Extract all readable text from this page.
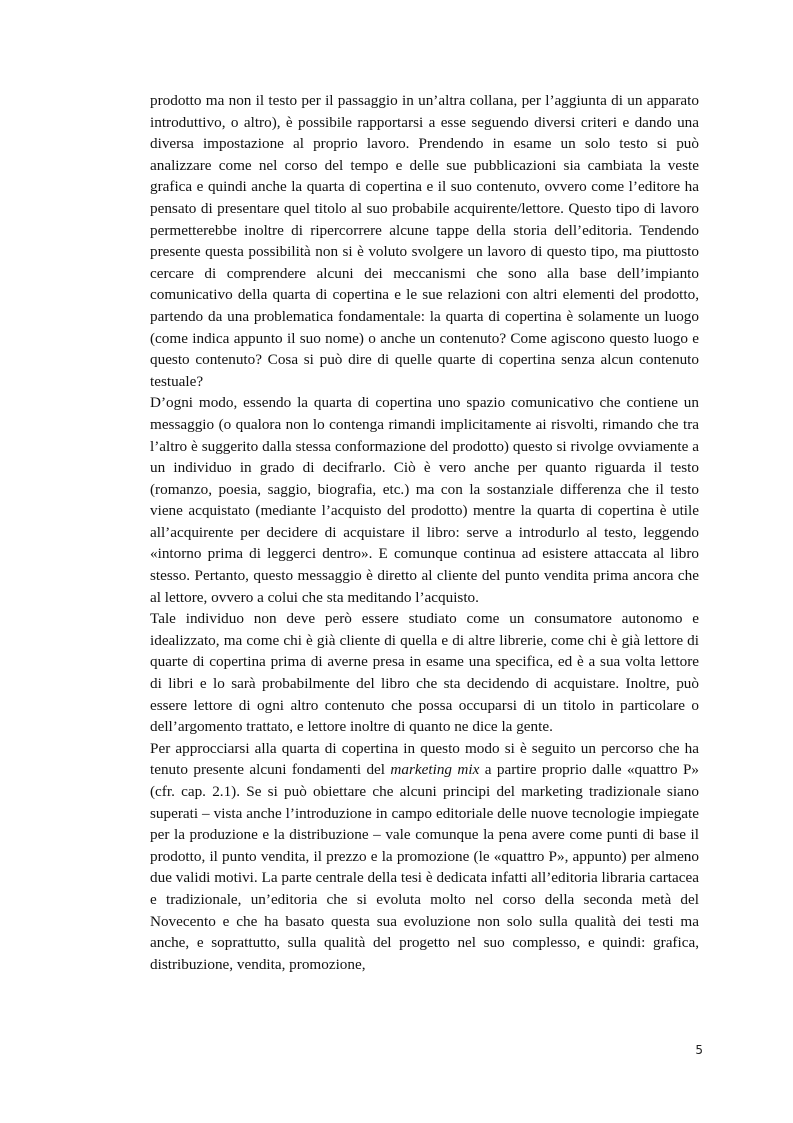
prodotto ma non il testo per il passaggio in un’altra collana, per l’aggiunta di un apparato introduttivo, o altro), è possibile rapportarsi a esse seguendo diversi criteri e dando una diversa impostazione al proprio lavoro. Prendendo in esame un solo testo si può analizzare come nel corso del tempo e delle sue pubblicazioni sia cambiata la veste grafica e quindi anche la quarta di copertina e il suo contenuto, ovvero come l’editore ha pensato di presentare quel titolo al suo probabile acquirente/lettore. Questo tipo di lavoro permetterebbe inoltre di ripercorrere alcune tappe della storia dell’editoria. Tendendo presente questa possibilità non si è voluto svolgere un lavoro di questo tipo, ma piuttosto cercare di comprendere alcuni dei meccanismi che sono alla base dell’impianto comunicativo della quarta di copertina e le sue relazioni con altri elementi del prodotto, partendo da una problematica fondamentale: la quarta di copertina è solamente un luogo (come indica appunto il suo nome) o anche un contenuto? Come agiscono questo luogo e questo contenuto? Cosa si può dire di quelle quarte di copertina senza alcun contenuto testuale?

D’ogni modo, essendo la quarta di copertina uno spazio comunicativo che contiene un messaggio (o qualora non lo contenga rimandi implicitamente ai risvolti, rimando che tra l’altro è suggerito dalla stessa conformazione del prodotto) questo si rivolge ovviamente a un individuo in grado di decifrarlo. Ciò è vero anche per quanto riguarda il testo (romanzo, poesia, saggio, biografia, etc.) ma con la sostanziale differenza che il testo viene acquistato (mediante l’acquisto del prodotto) mentre la quarta di copertina è utile all’acquirente per decidere di acquistare il libro: serve a introdurlo al testo, leggendo «intorno prima di leggerci dentro». E comunque continua ad esistere attaccata al libro stesso. Pertanto, questo messaggio è diretto al cliente del punto vendita prima ancora che al lettore, ovvero a colui che sta meditando l’acquisto.

Tale individuo non deve però essere studiato come un consumatore autonomo e idealizzato, ma come chi è già cliente di quella e di altre librerie, come chi è già lettore di quarte di copertina prima di averne presa in esame una specifica, ed è a sua volta lettore di libri e lo sarà probabilmente del libro che sta decidendo di acquistare. Inoltre, può essere lettore di ogni altro contenuto che possa occuparsi di un titolo in particolare o dell’argomento trattato, e lettore inoltre di quanto ne dice la gente.

Per approcciarsi alla quarta di copertina in questo modo si è seguito un percorso che ha tenuto presente alcuni fondamenti del marketing mix a partire proprio dalle «quattro P» (cfr. cap. 2.1). Se si può obiettare che alcuni principi del marketing tradizionale siano superati – vista anche l’introduzione in campo editoriale delle nuove tecnologie impiegate per la produzione e la distribuzione – vale comunque la pena avere come punti di base il prodotto, il punto vendita, il prezzo e la promozione (le «quattro P», appunto) per almeno due validi motivi. La parte centrale della tesi è dedicata infatti all’editoria libraria cartacea e tradizionale, un’editoria che si evoluta molto nel corso della seconda metà del Novecento e che ha basato questa sua evoluzione non solo sulla qualità dei testi ma anche, e soprattutto, sulla qualità del progetto nel suo complesso, e quindi: grafica, distribuzione, vendita, promozione,

5
